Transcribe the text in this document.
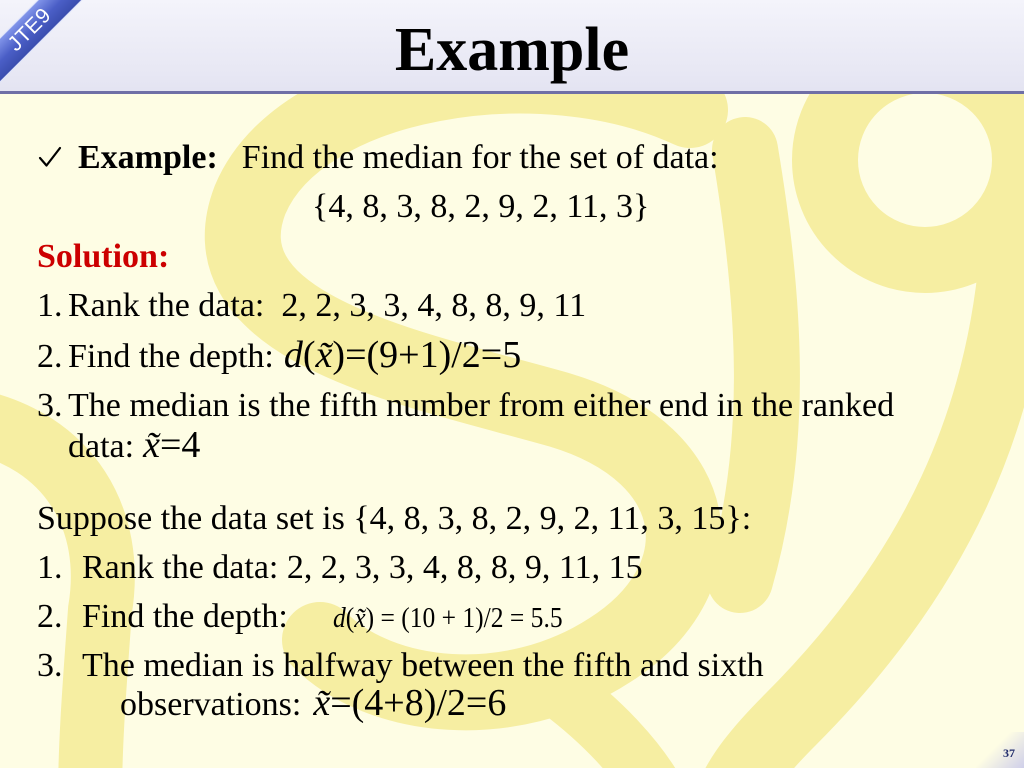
JTE9	Example
Example: Find the median for the set of data:
{4, 8, 3, 8, 2, 9, 2, 11, 3}
Solution:
1. Rank the data:  2, 2, 3, 3, 4, 8, 8, 9, 11
2. Find the depth: d(x̃)=(9+1)/2=5
3. The median is the fifth number from either end in the ranked
data: x̃=4
Suppose the data set is {4, 8, 3, 8, 2, 9, 2, 11, 3, 15}:
1. Rank the data: 2, 2, 3, 3, 4, 8, 8, 9, 11, 15
2. Find the depth: d(x̃) = (10 + 1)/2 = 5.5
3. The median is halfway between the fifth and sixth
observations: x̃=(4+8)/2=6
37
